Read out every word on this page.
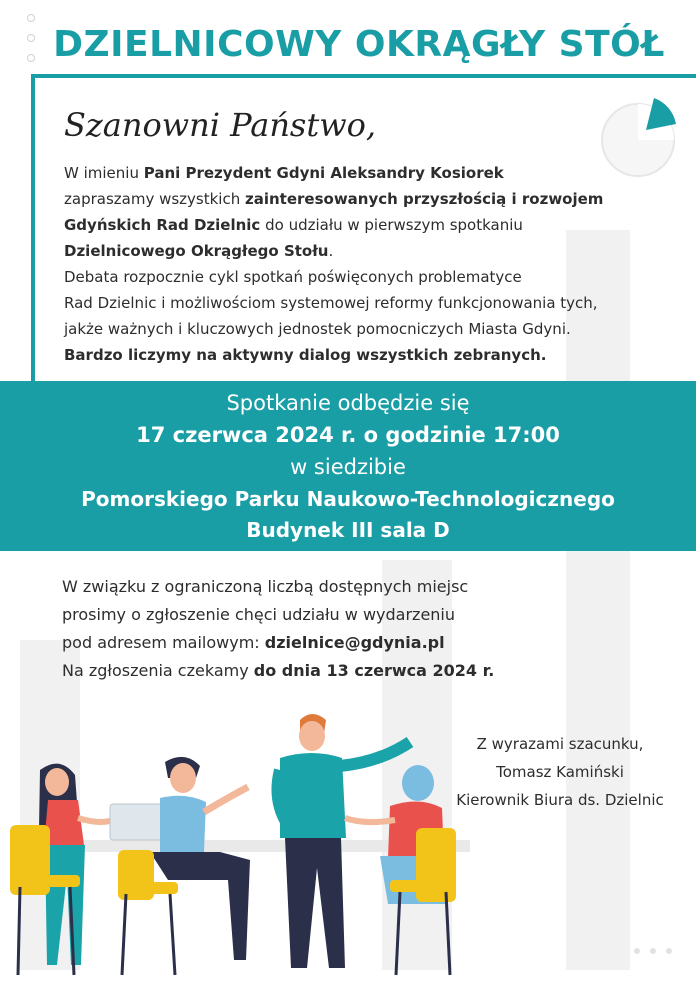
DZIELNICOWY OKRĄGŁY STÓŁ
Szanowni Państwo,

W imieniu Pani Prezydent Gdyni Aleksandry Kosiorek

zapraszamy wszystkich zainteresowanych przyszłością i rozwojem

Gdyńskich Rad Dzielnic do udziału w pierwszym spotkaniu

Dzielnicowego Okrągłego Stołu.

Debata rozpocznie cykl spotkań poświęconych problematyce

Rad Dzielnic i możliwościom systemowej reformy funkcjonowania tych,

jakże ważnych i kluczowych jednostek pomocniczych Miasta Gdyni.

Bardzo liczymy na aktywny dialog wszystkich zebranych.

Spotkanie odbędzie się
17 czerwca 2024 r. o godzinie 17:00
w siedzibie
Pomorskiego Parku Naukowo-Technologicznego
Budynek III sala D

W związku z ograniczoną liczbą dostępnych miejsc

prosimy o zgłoszenie chęci udziału w wydarzeniu

pod adresem mailowym: dzielnice@gdynia.pl

Na zgłoszenia czekamy do dnia 13 czerwca 2024 r.

Z wyrazami szacunku,

Tomasz Kamiński

Kierownik Biura ds. Dzielnic
